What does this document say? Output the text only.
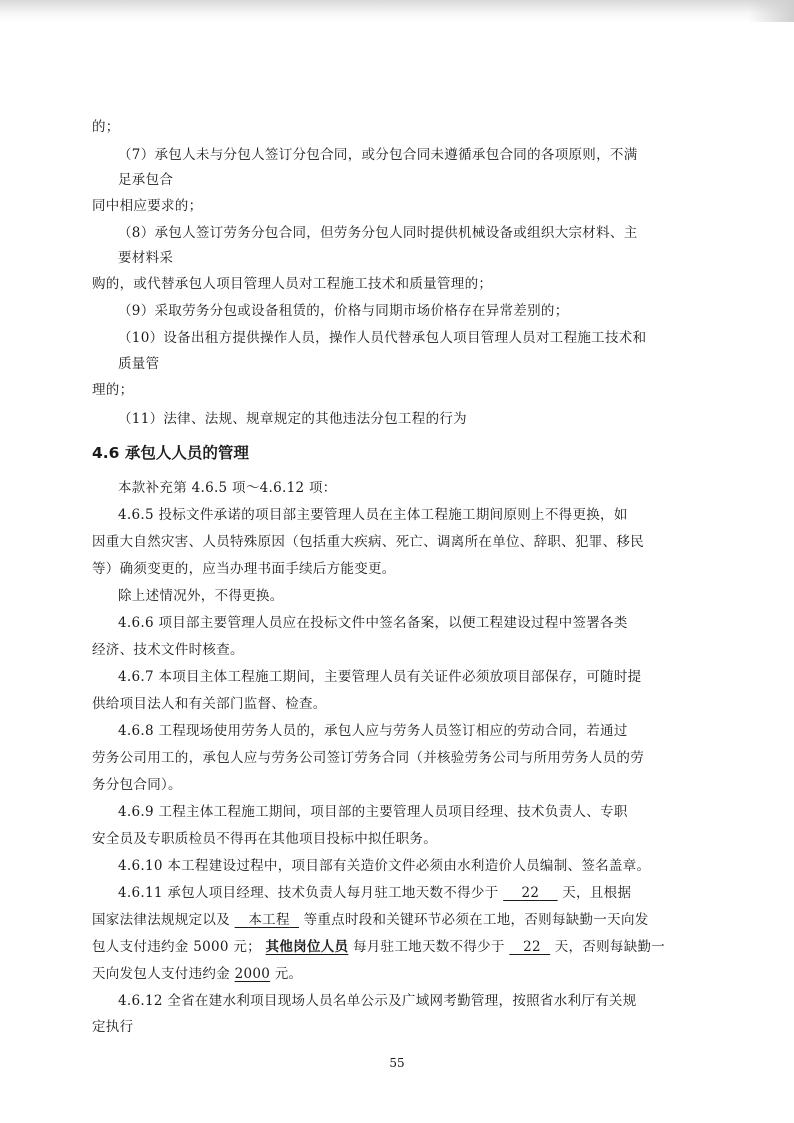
的；
（7）承包人未与分包人签订分包合同，或分包合同未遵循承包合同的各项原则，不满
足承包合
同中相应要求的；
（8）承包人签订劳务分包合同，但劳务分包人同时提供机械设备或组织大宗材料、主
要材料采
购的，或代替承包人项目管理人员对工程施工技术和质量管理的；
（9）采取劳务分包或设备租赁的，价格与同期市场价格存在异常差别的；
（10）设备出租方提供操作人员，操作人员代替承包人项目管理人员对工程施工技术和
质量管
理的；
（11）法律、法规、规章规定的其他违法分包工程的行为
4.6 承包人人员的管理
本款补充第 4.6.5 项～4.6.12 项：
4.6.5 投标文件承诺的项目部主要管理人员在主体工程施工期间原则上不得更换，如
因重大自然灾害、人员特殊原因（包括重大疾病、死亡、调离所在单位、辞职、犯罪、移民
等）确须变更的，应当办理书面手续后方能变更。
除上述情况外，不得更换。
4.6.6 项目部主要管理人员应在投标文件中签名备案，以便工程建设过程中签署各类
经济、技术文件时核查。
4.6.7 本项目主体工程施工期间，主要管理人员有关证件必须放项目部保存，可随时提
供给项目法人和有关部门监督、检查。
4.6.8 工程现场使用劳务人员的，承包人应与劳务人员签订相应的劳动合同，若通过
劳务公司用工的，承包人应与劳务公司签订劳务合同（并核验劳务公司与所用劳务人员的劳
务分包合同）。
4.6.9 工程主体工程施工期间，项目部的主要管理人员项目经理、技术负责人、专职
安全员及专职质检员不得再在其他项目投标中拟任职务。
4.6.10 本工程建设过程中，项目部有关造价文件必须由水利造价人员编制、签名盖章。
4.6.11 承包人项目经理、技术负责人每月驻工地天数不得少于 22 天，且根据
国家法律法规规定以及 本工程 等重点时段和关键环节必须在工地，否则每缺勤一天向发
包人支付违约金 5000 元； 其他岗位人员 每月驻工地天数不得少于 22 天，否则每缺勤一
天向发包人支付违约金 2000 元。
4.6.12 全省在建水利项目现场人员名单公示及广域网考勤管理，按照省水利厅有关规
定执行
55
